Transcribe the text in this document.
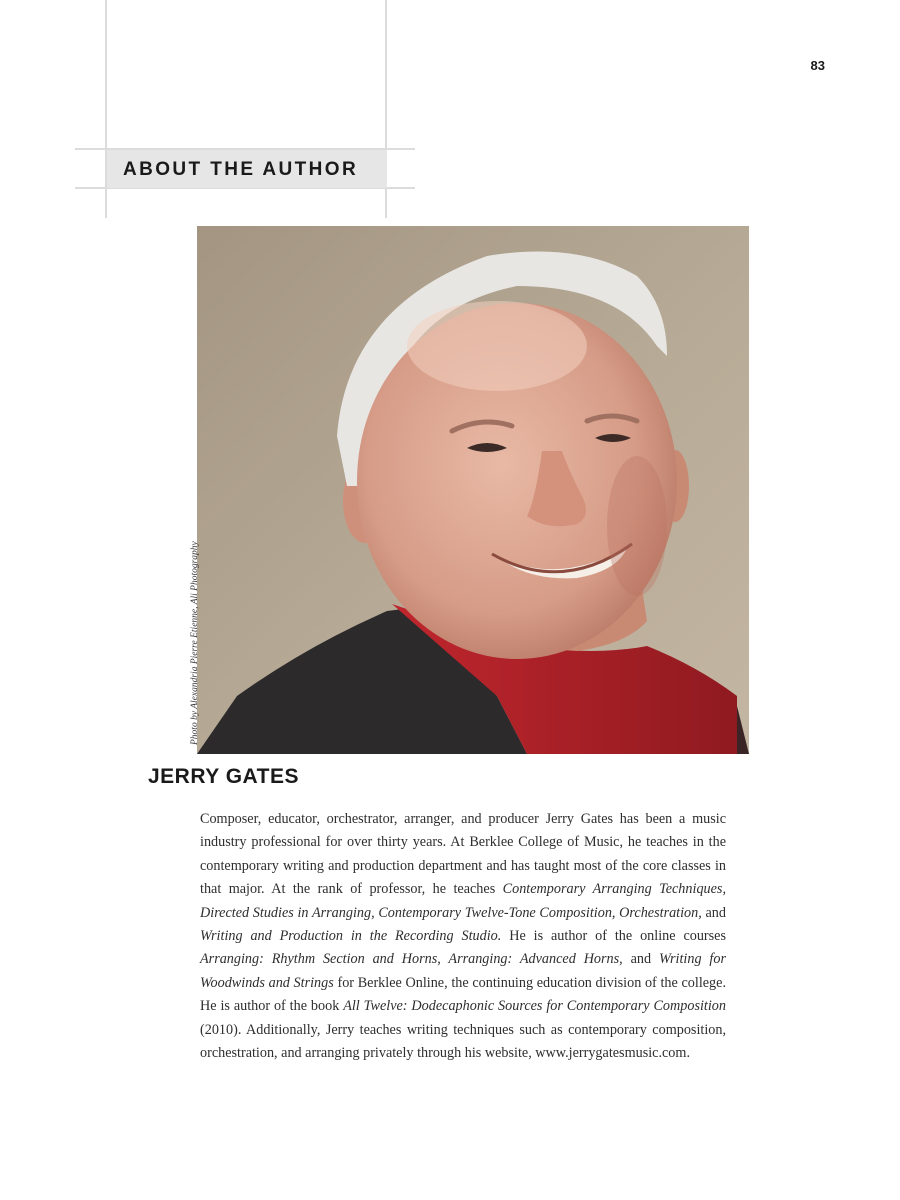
83
ABOUT THE AUTHOR
Photo by Alexandria Pierre Etienne, Ali Photography
JERRY GATES

Composer, educator, orchestrator, arranger, and producer Jerry Gates has been a music industry professional for over thirty years. At Berklee College of Music, he teaches in the contemporary writing and production department and has taught most of the core classes in that major. At the rank of professor, he teaches Contemporary Arranging Techniques, Directed Studies in Arranging, Contemporary Twelve-Tone Composition, Orchestration, and Writing and Production in the Recording Studio. He is author of the online courses Arranging: Rhythm Section and Horns, Arranging: Advanced Horns, and Writing for Woodwinds and Strings for Berklee Online, the continuing education division of the college. He is author of the book All Twelve: Dodecaphonic Sources for Contemporary Composition (2010). Additionally, Jerry teaches writing techniques such as contemporary composition, orchestration, and arranging privately through his website, www.jerrygatesmusic.com.
